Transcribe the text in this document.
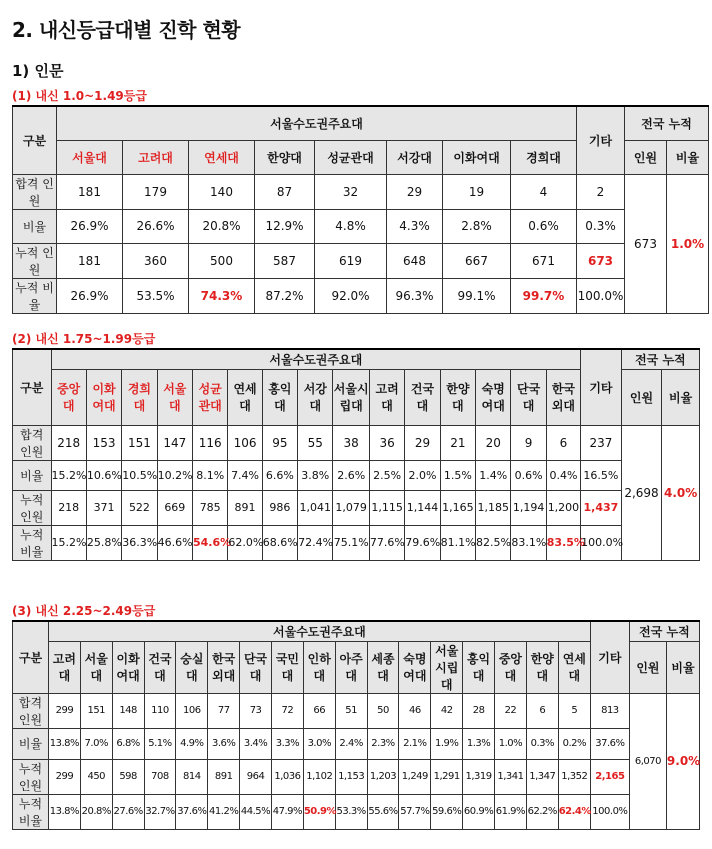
2. 내신등급대별 진학 현황
1) 인문
(1) 내신 1.0~1.49등급
구분	서울수도권주요대								기타	전국 누적	
	서울대	고려대	연세대	한양대	성균관대	서강대	이화여대	경희대		인원	비율
합격 인원	181	179	140	87	32	29	19	4	2	673	1.0%
비율	26.9%	26.6%	20.8%	12.9%	4.8%	4.3%	2.8%	0.6%	0.3%		
누적 인원	181	360	500	587	619	648	667	671	673		
누적 비율	26.9%	53.5%	74.3%	87.2%	92.0%	96.3%	99.1%	99.7%	100.0%		
(2) 내신 1.75~1.99등급
구분	서울수도권주요대															기타	전국 누적	
	중앙대	이화여대	경희대	서울대	성균관대	연세대	홍익대	서강대	서울시립대	고려대	건국대	한양대	숙명여대	단국대	한국외대		인원	비율
합격 인원	218	153	151	147	116	106	95	55	38	36	29	21	20	9	6	237	2,698	4.0%
비율	15.2%	10.6%	10.5%	10.2%	8.1%	7.4%	6.6%	3.8%	2.6%	2.5%	2.0%	1.5%	1.4%	0.6%	0.4%	16.5%		
누적 인원	218	371	522	669	785	891	986	1,041	1,079	1,115	1,144	1,165	1,185	1,194	1,200	1,437		
누적 비율	15.2%	25.8%	36.3%	46.6%	54.6%	62.0%	68.6%	72.4%	75.1%	77.6%	79.6%	81.1%	82.5%	83.1%	83.5%	100.0%		
(3) 내신 2.25~2.49등급
구분	서울수도권주요대																	기타	전국 누적	
	고려대	서울대	이화여대	건국대	숭실대	한국외대	단국대	국민대	인하대	아주대	세종대	숙명여대	서울시립대	홍익대	중앙대	한양대	연세대		인원	비율
합격 인원	299	151	148	110	106	77	73	72	66	51	50	46	42	28	22	6	5	813	6,070	9.0%
비율	13.8%	7.0%	6.8%	5.1%	4.9%	3.6%	3.4%	3.3%	3.0%	2.4%	2.3%	2.1%	1.9%	1.3%	1.0%	0.3%	0.2%	37.6%		
누적 인원	299	450	598	708	814	891	964	1,036	1,102	1,153	1,203	1,249	1,291	1,319	1,341	1,347	1,352	2,165		
누적 비율	13.8%	20.8%	27.6%	32.7%	37.6%	41.2%	44.5%	47.9%	50.9%	53.3%	55.6%	57.7%	59.6%	60.9%	61.9%	62.2%	62.4%	100.0%		
